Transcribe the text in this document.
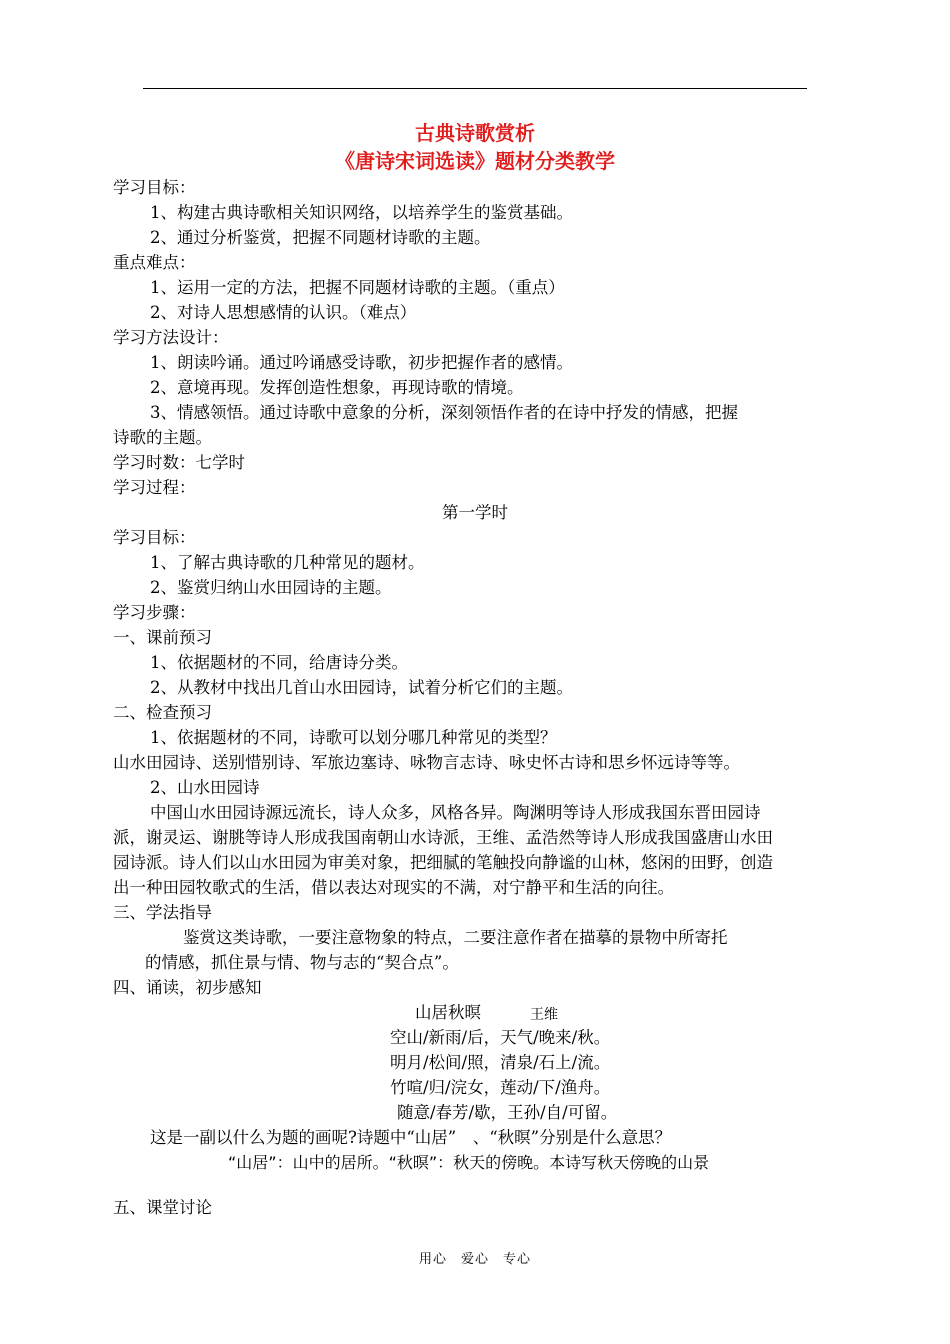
古典诗歌赏析
《唐诗宋词选读》题材分类教学
学习目标：
1、构建古典诗歌相关知识网络，以培养学生的鉴赏基础。
2、通过分析鉴赏，把握不同题材诗歌的主题。
重点难点：
1、运用一定的方法，把握不同题材诗歌的主题。（重点）
2、对诗人思想感情的认识。（难点）
学习方法设计：
1、朗读吟诵。通过吟诵感受诗歌，初步把握作者的感情。
2、意境再现。发挥创造性想象，再现诗歌的情境。
3、情感领悟。通过诗歌中意象的分析，深刻领悟作者的在诗中抒发的情感，把握
诗歌的主题。
学习时数：七学时
学习过程：
第一学时
学习目标：
1、了解古典诗歌的几种常见的题材。
2、鉴赏归纳山水田园诗的主题。
学习步骤：
一、课前预习
1、依据题材的不同，给唐诗分类。
2、从教材中找出几首山水田园诗，试着分析它们的主题。
二、检查预习
1、依据题材的不同，诗歌可以划分哪几种常见的类型？
山水田园诗、送别惜别诗、军旅边塞诗、咏物言志诗、咏史怀古诗和思乡怀远诗等等。
2、山水田园诗
中国山水田园诗源远流长，诗人众多，风格各异。陶渊明等诗人形成我国东晋田园诗
派，谢灵运、谢朓等诗人形成我国南朝山水诗派，王维、孟浩然等诗人形成我国盛唐山水田
园诗派。诗人们以山水田园为审美对象，把细腻的笔触投向静谧的山林，悠闲的田野，创造
出一种田园牧歌式的生活，借以表达对现实的不满，对宁静平和生活的向往。
三、学法指导
鉴赏这类诗歌，一要注意物象的特点，二要注意作者在描摹的景物中所寄托
的情感，抓住景与情、物与志的“契合点”。
四、诵读，初步感知
山居秋暝	王维
空山/新雨/后，天气/晚来/秋。
明月/松间/照，清泉/石上/流。
竹喧/归/浣女，莲动/下/渔舟。
随意/春芳/歇，王孙/自/可留。
这是一副以什么为题的画呢?诗题中“山居”　、“秋暝”分别是什么意思？
“山居”：山中的居所。“秋暝”：秋天的傍晚。本诗写秋天傍晚的山景
五、课堂讨论
用心　爱心　专心
